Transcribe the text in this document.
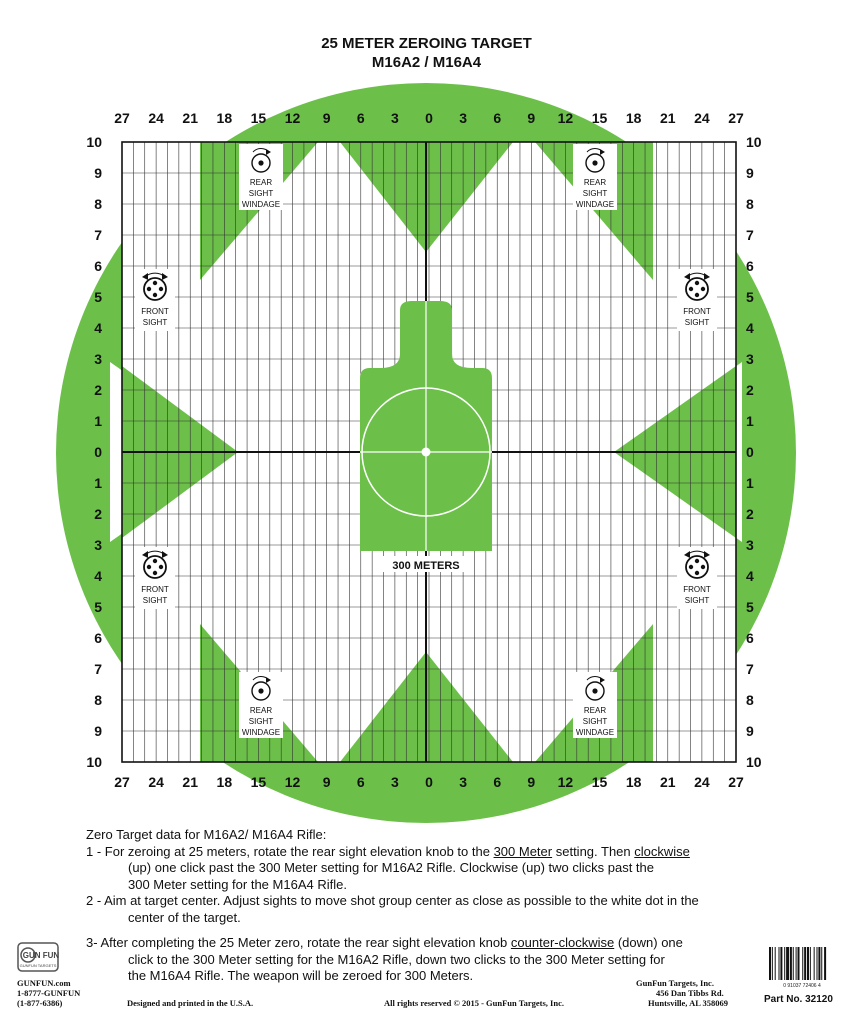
25 METER ZEROING TARGET
M16A2 / M16A4
REAR
SIGHT
WINDAGE
REAR
SIGHT
WINDAGE
REAR
SIGHT
WINDAGE
REAR
SIGHT
WINDAGE
FRONT
SIGHT
FRONT
SIGHT
FRONT
SIGHT
FRONT
SIGHT
27
27
24
24
21
21
18
18
15
15
12
12
9
9
6
6
3
3
0
0
3
3
6
6
9
9
12
12
15
15
18
18
21
21
24
24
27
27
10	10
9	9
8	8
7	7
6	6
5	5
4	4
3	3
2	2
1	1
0	0
1	1
2	2
3	3
4	4
5	5
6	6
7	7
8	8
9	9
10	10
300 METERS
Zero Target data for M16A2/ M16A4 Rifle:
1 - For zeroing at 25 meters, rotate the rear sight elevation knob to the 300 Meter setting. Then clockwise
(up) one click past the 300 Meter setting for M16A2 Rifle. Clockwise (up) two clicks past the
300 Meter setting for the M16A4 Rifle.
2 - Aim at target center. Adjust sights to move shot group center as close as possible to the white dot in the
center of the target.
3- After completing the 25 Meter zero, rotate the rear sight elevation knob counter-clockwise (down) one
click to the 300 Meter setting for the M16A2 Rifle, down two clicks to the 300 Meter setting for
the M16A4 Rifle. The weapon will be zeroed for 300 Meters.
GUN FUN
GUNFUN TARGETS
GUNFUN.com
1-8777-GUNFUN
(1-877-6386)	Designed and printed in the U.S.A.	All rights reserved © 2015 - GunFun Targets, Inc.
GunFun Targets, Inc.
456 Dan Tibbs Rd.
Huntsville, AL 358069
0 91037 72406 4
Part No. 32120
